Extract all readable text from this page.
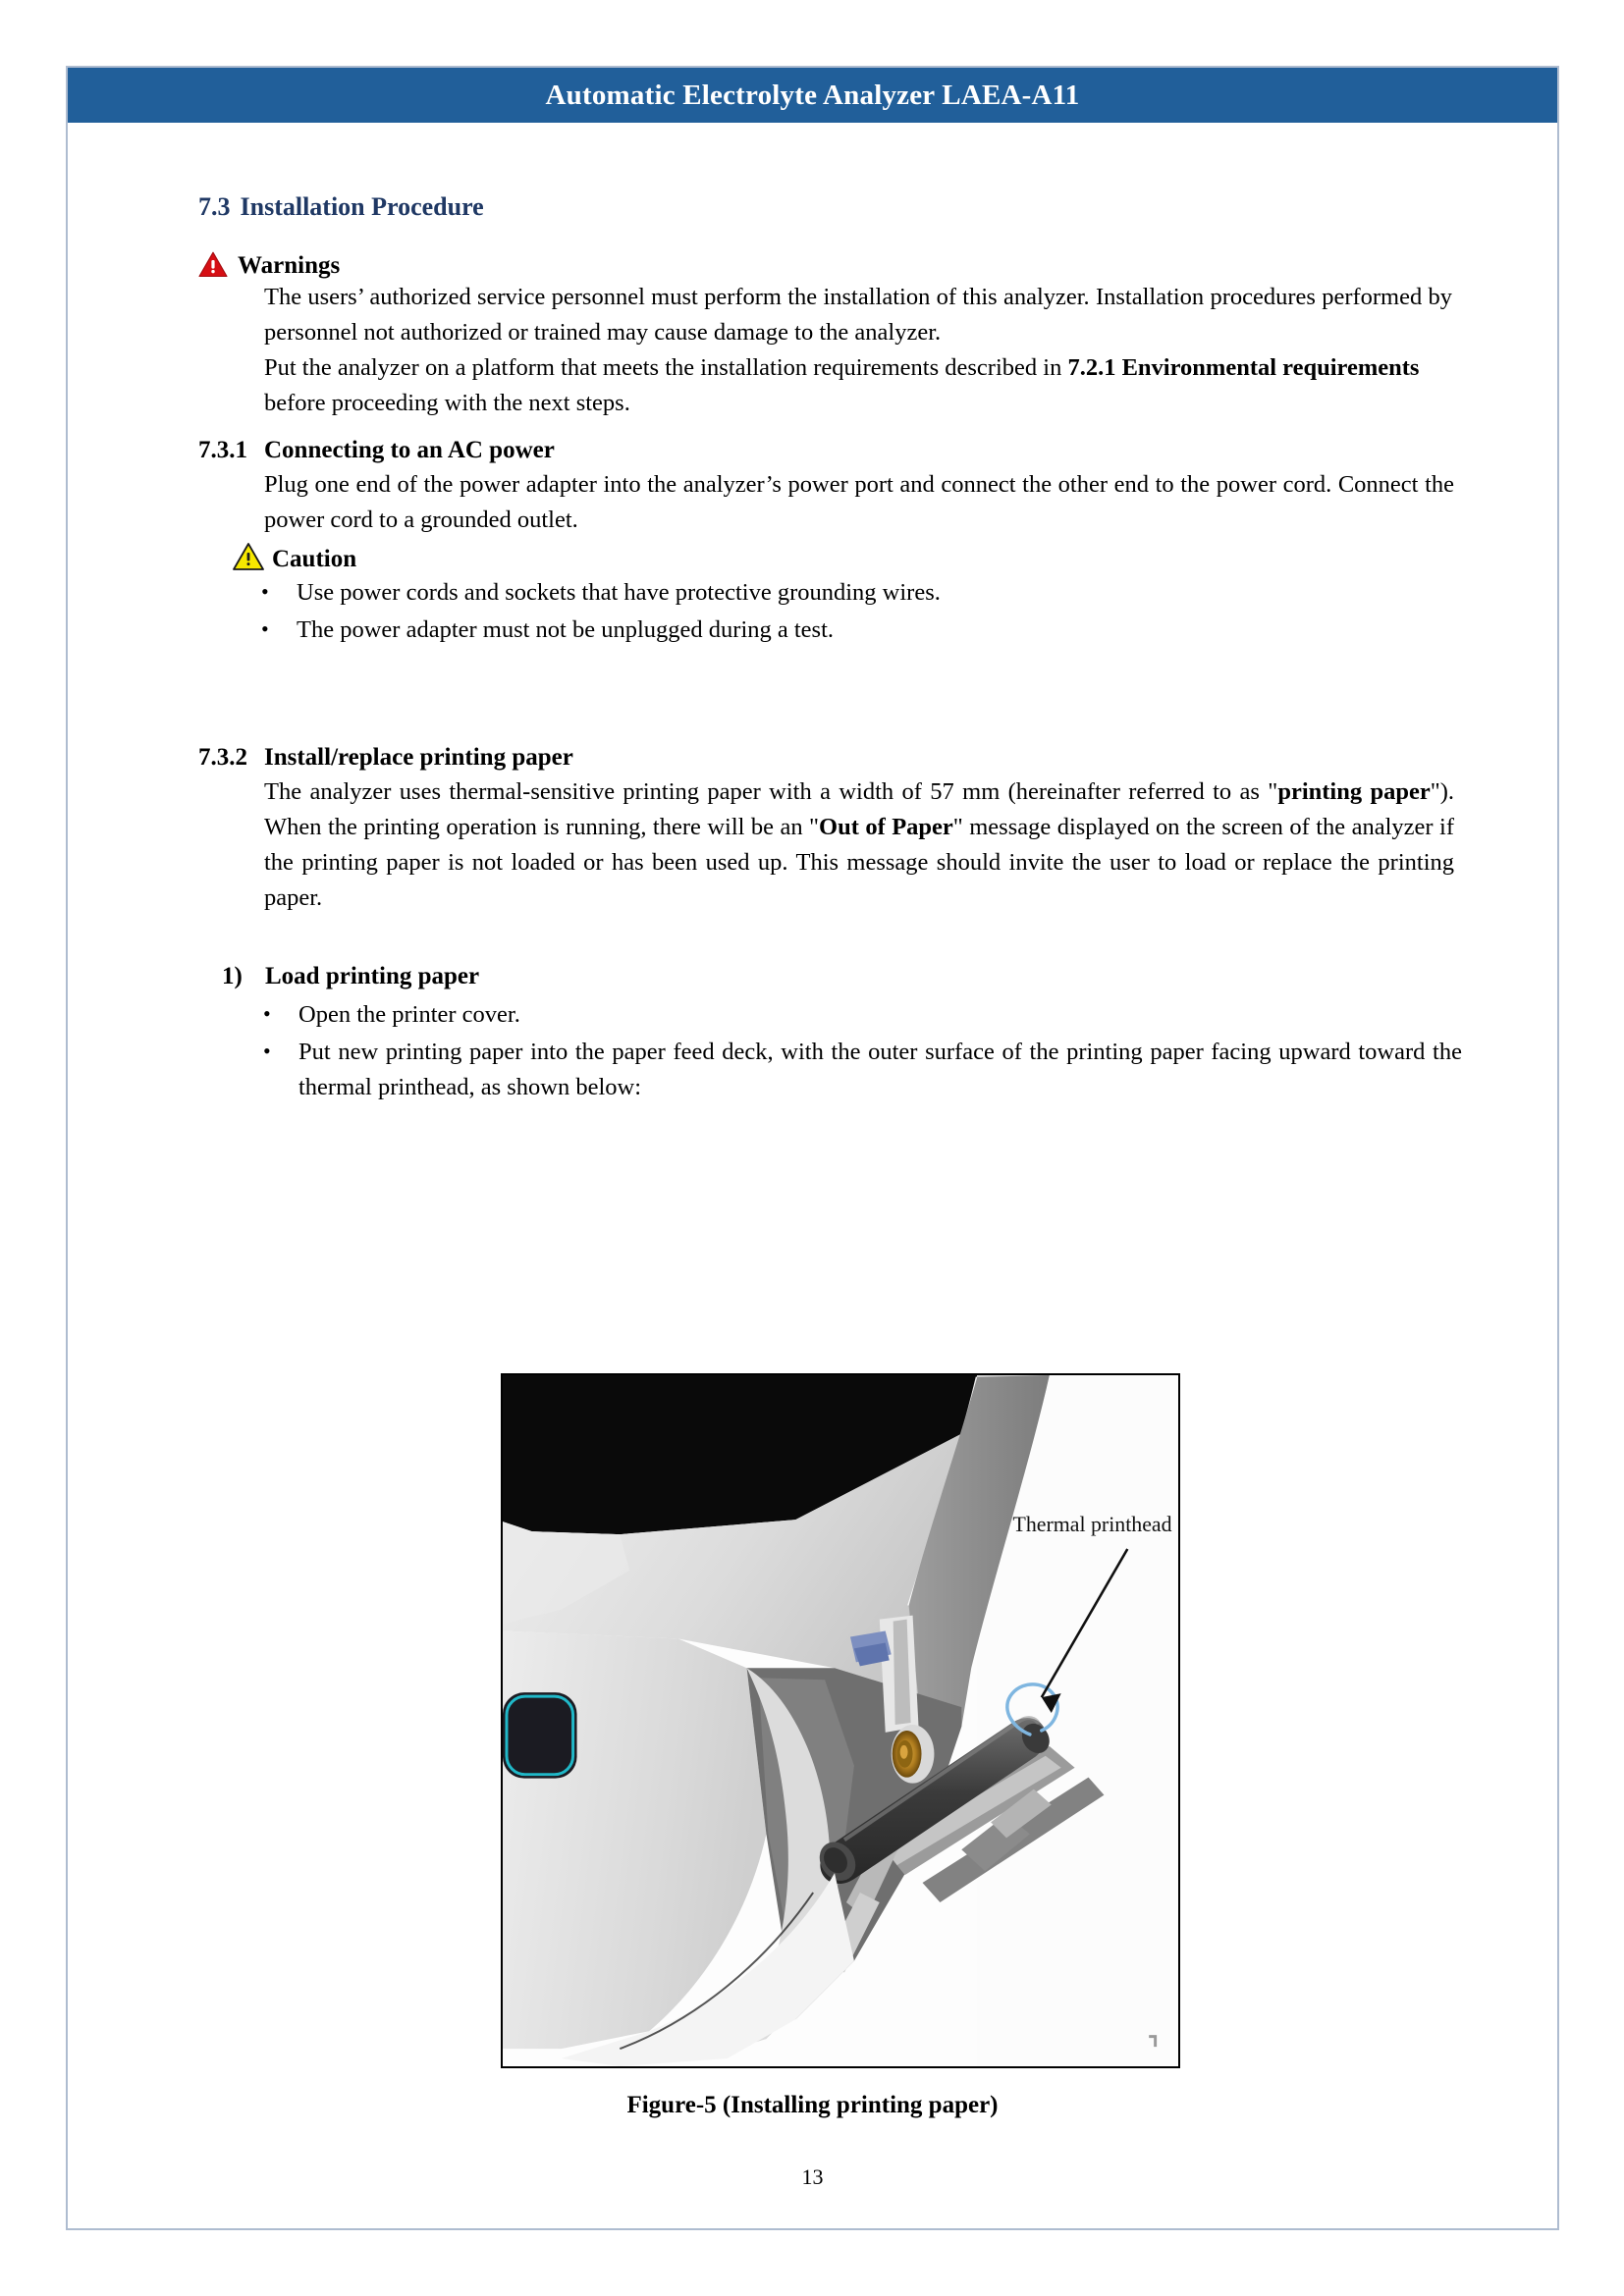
Automatic Electrolyte Analyzer LAEA-A11
7.3 Installation Procedure
Warnings
The users’ authorized service personnel must perform the installation of this analyzer. Installation procedures performed by personnel not authorized or trained may cause damage to the analyzer.
Put the analyzer on a platform that meets the installation requirements described in 7.2.1 Environmental requirements before proceeding with the next steps.
7.3.1 Connecting to an AC power
Plug one end of the power adapter into the analyzer’s power port and connect the other end to the power cord. Connect the power cord to a grounded outlet.
Caution
• Use power cords and sockets that have protective grounding wires.
• The power adapter must not be unplugged during a test.
7.3.2 Install/replace printing paper
The analyzer uses thermal-sensitive printing paper with a width of 57 mm (hereinafter referred to as "printing paper"). When the printing operation is running, there will be an "Out of Paper" message displayed on the screen of the analyzer if the printing paper is not loaded or has been used up. This message should invite the user to load or replace the printing paper.
1) Load printing paper
• Open the printer cover.
• Put new printing paper into the paper feed deck, with the outer surface of the printing paper facing upward toward the thermal printhead, as shown below:
Thermal printhead
Figure-5 (Installing printing paper)
13
